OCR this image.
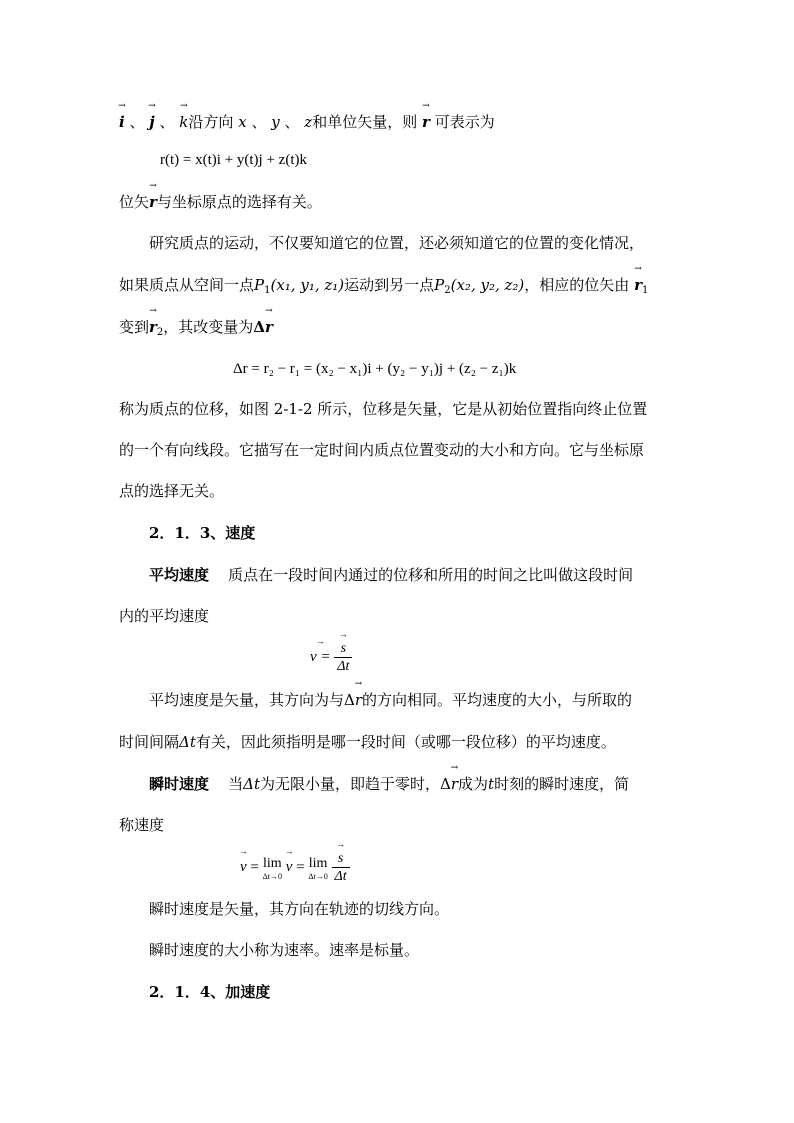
→ i 、 → j 、 → k沿方向 x 、 y 、 z和单位矢量，则 → r 可表示为
r(t) = x(t)i + y(t)j + z(t)k
位矢→ r与坐标原点的选择有关。
研究质点的运动，不仅要知道它的位置，还必须知道它的位置的变化情况，
如果质点从空间一点$P_1(x_1$, y₁, z₁)运动到另一点$P_2(x_2$, y₂, z₂)，相应的位矢由 → $r_1$
变到→ $r_2$，其改变量为Δ→ r
Δr = r₂ − r₁ = (x₂ − x₁)i + (y₂ − y₁)j + (z₂ − z₁)k
称为质点的位移，如图 2-1-2 所示，位移是矢量，它是从初始位置指向终止位置
的一个有向线段。它描写在一定时间内质点位置变动的大小和方向。它与坐标原
点的选择无关。
2．1．3、速度
平均速度 质点在一段时间内通过的位移和所用的时间之比叫做这段时间
内的平均速度
→ v = → $\frac{s}{\Delta t}$
平均速度是矢量，其方向为与Δ→ r的方向相同。平均速度的大小，与所取的
时间间隔Δt有关，因此须指明是哪一段时间（或哪一段位移）的平均速度。
瞬时速度 当Δt为无限小量，即趋于零时，Δ→ r成为t时刻的瞬时速度，简
称速度
→ v = lim
Δt→0
→ v = lim
Δt→0
→ $\frac{s}{\Delta t}$
瞬时速度是矢量，其方向在轨迹的切线方向。
瞬时速度的大小称为速率。速率是标量。
2．1．4、加速度
